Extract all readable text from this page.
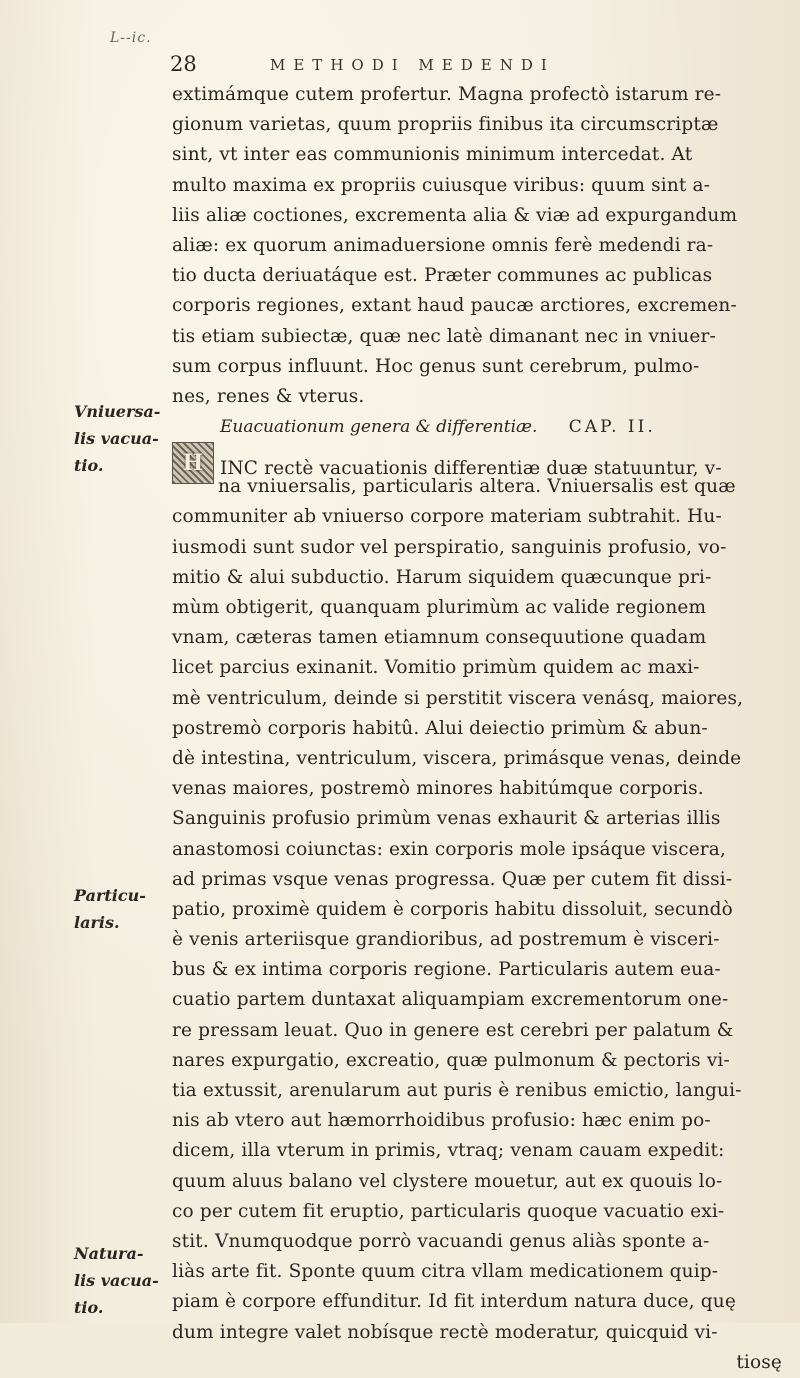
L--ic.
28	METHODI MEDENDI
extimámque cutem profertur. Magna profectò istarum re-
gionum varietas, quum propriis finibus ita circumscriptæ
sint, vt inter eas communionis minimum intercedat. At
multo maxima ex propriis cuiusque viribus: quum sint a-
liis aliæ coctiones, excrementa alia & viæ ad expurgandum
aliæ: ex quorum animaduersione omnis ferè medendi ra-
tio ducta deriuatáque est. Præter communes ac publicas
corporis regiones, extant haud paucæ arctiores, excremen-
tis etiam subiectæ, quæ nec latè dimanant nec in vniuer-
sum corpus influunt. Hoc genus sunt cerebrum, pulmo-
nes, renes & vterus.
Euacuationum genera & differentiæ. CAP. II.
H INC rectè vacuationis differentiæ duæ statuuntur, v-
na vniuersalis, particularis altera. Vniuersalis est quæ
communiter ab vniuerso corpore materiam subtrahit. Hu-
iusmodi sunt sudor vel perspiratio, sanguinis profusio, vo-
mitio & alui subductio. Harum siquidem quæcunque pri-
mùm obtigerit, quanquam plurimùm ac valide regionem
vnam, cæteras tamen etiamnum consequutione quadam
licet parcius exinanit. Vomitio primùm quidem ac maxi-
mè ventriculum, deinde si perstitit viscera venásq, maiores,
postremò corporis habitû. Alui deiectio primùm & abun-
dè intestina, ventriculum, viscera, primásque venas, deinde
venas maiores, postremò minores habitúmque corporis.
Sanguinis profusio primùm venas exhaurit & arterias illis
anastomosi coiunctas: exin corporis mole ipsáque viscera,
ad primas vsque venas progressa. Quæ per cutem fit dissi-
patio, proximè quidem è corporis habitu dissoluit, secundò
è venis arteriisque grandioribus, ad postremum è visceri-
bus & ex intima corporis regione. Particularis autem eua-
cuatio partem duntaxat aliquampiam excrementorum one-
re pressam leuat. Quo in genere est cerebri per palatum &
nares expurgatio, excreatio, quæ pulmonum & pectoris vi-
tia extussit, arenularum aut puris è renibus emictio, langui-
nis ab vtero aut hæmorrhoidibus profusio: hæc enim po-
dicem, illa vterum in primis, vtraq; venam cauam expedit:
quum aluus balano vel clystere mouetur, aut ex quouis lo-
co per cutem fit eruptio, particularis quoque vacuatio exi-
stit. Vnumquodque porrò vacuandi genus aliàs sponte a-
liàs arte fit. Sponte quum citra vllam medicationem quip-
piam è corpore effunditur. Id fit interdum natura duce, quę
dum integre valet nobísque rectè moderatur, quicquid vi-
tiosę
Vniuersa-
lis vacua-
tio.
Particu-
laris.
Natura-
lis vacua-
tio.
